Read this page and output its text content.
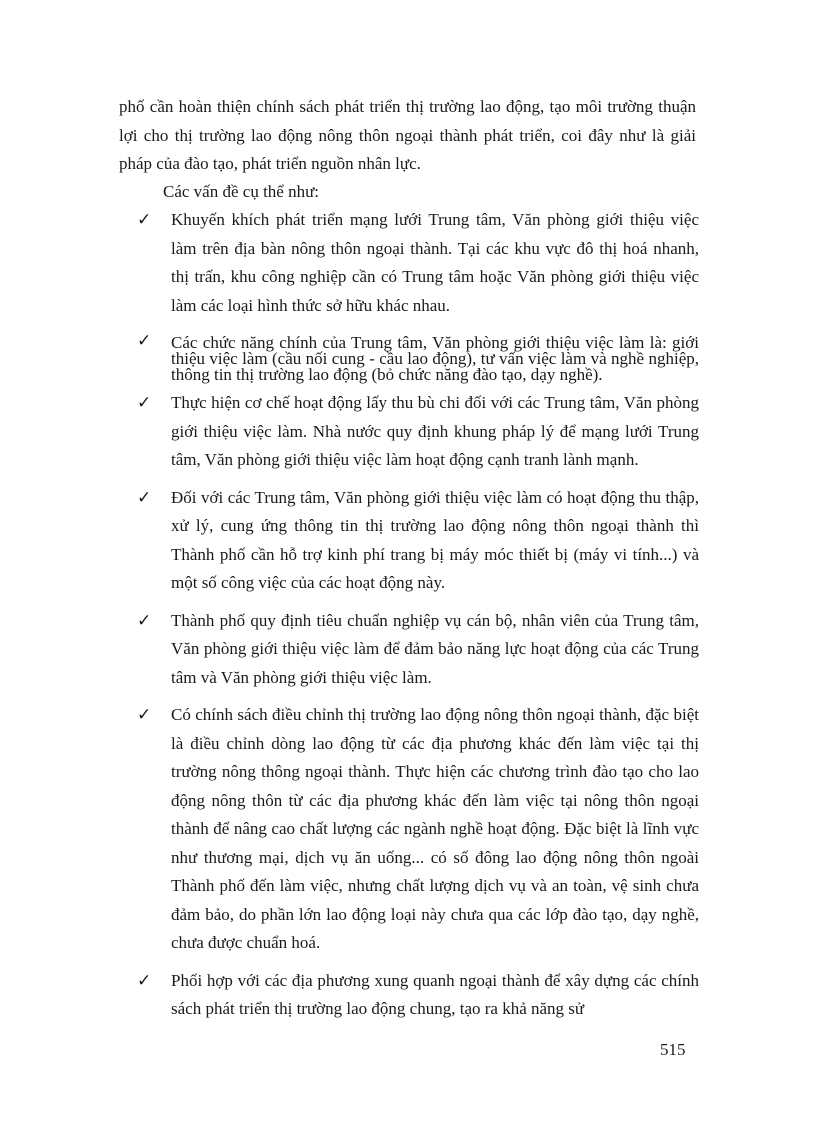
phố cần hoàn thiện chính sách phát triển thị trường lao động, tạo môi trường thuận lợi cho thị trường lao động nông thôn ngoại thành phát triển, coi đây như là giải pháp của đào tạo, phát triển nguồn nhân lực.

Các vấn đề cụ thể như:

✓	Khuyến khích phát triển mạng lưới Trung tâm, Văn phòng giới thiệu việc làm trên địa bàn nông thôn ngoại thành. Tại các khu vực đô thị hoá nhanh, thị trấn, khu công nghiệp cần có Trung tâm hoặc Văn phòng giới thiệu việc làm các loại hình thức sở hữu khác nhau.
✓	Các chức năng chính của Trung tâm, Văn phòng giới thiệu việc làm là: giới thiệu việc làm (cầu nối cung - cầu lao động), tư vấn việc làm và nghề nghiệp, thông tin thị trường lao động (bỏ chức năng đào tạo, dạy nghề).
✓	Thực hiện cơ chế hoạt động lấy thu bù chi đối với các Trung tâm, Văn phòng giới thiệu việc làm. Nhà nước quy định khung pháp lý để mạng lưới Trung tâm, Văn phòng giới thiệu việc làm hoạt động cạnh tranh lành mạnh.
✓	Đối với các Trung tâm, Văn phòng giới thiệu việc làm có hoạt động thu thập, xử lý, cung ứng thông tin thị trường lao động nông thôn ngoại thành thì Thành phố cần hỗ trợ kinh phí trang bị máy móc thiết bị (máy vi tính...) và một số công việc của các hoạt động này.
✓	Thành phố quy định tiêu chuẩn nghiệp vụ cán bộ, nhân viên của Trung tâm, Văn phòng giới thiệu việc làm để đảm bảo năng lực hoạt động của các Trung tâm và Văn phòng giới thiệu việc làm.
✓	Có chính sách điều chỉnh thị trường lao động nông thôn ngoại thành, đặc biệt là điều chỉnh dòng lao động từ các địa phương khác đến làm việc tại thị trường nông thông ngoại thành. Thực hiện các chương trình đào tạo cho lao động nông thôn từ các địa phương khác đến làm việc tại nông thôn ngoại thành để nâng cao chất lượng các ngành nghề hoạt động. Đặc biệt là lĩnh vực như thương mại, dịch vụ ăn uống... có số đông lao động nông thôn ngoài Thành phố đến làm việc, nhưng chất lượng dịch vụ và an toàn, vệ sinh chưa đảm bảo, do phần lớn lao động loại này chưa qua các lớp đào tạo, dạy nghề, chưa được chuẩn hoá.
✓	Phối hợp với các địa phương xung quanh ngoại thành để xây dựng các chính sách phát triển thị trường lao động chung, tạo ra khả năng sử
515
